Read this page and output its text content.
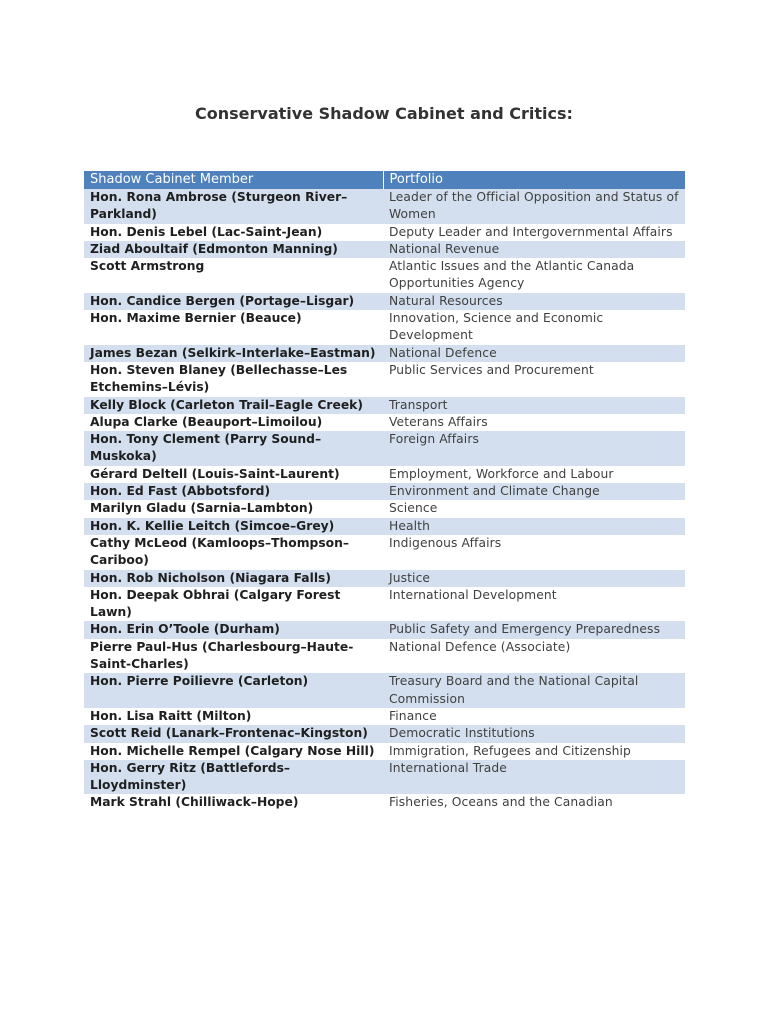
Conservative Shadow Cabinet and Critics:
Shadow Cabinet Member	Portfolio
Hon. Rona Ambrose (Sturgeon River–Parkland)	Leader of the Official Opposition and Status of Women
Hon. Denis Lebel (Lac-Saint-Jean)	Deputy Leader and Intergovernmental Affairs
Ziad Aboultaif (Edmonton Manning)	National Revenue
Scott Armstrong	Atlantic Issues and the Atlantic Canada Opportunities Agency
Hon. Candice Bergen (Portage–Lisgar)	Natural Resources
Hon. Maxime Bernier (Beauce)	Innovation, Science and Economic Development
James Bezan (Selkirk–Interlake–Eastman)	National Defence
Hon. Steven Blaney (Bellechasse–Les Etchemins–Lévis)	Public Services and Procurement
Kelly Block (Carleton Trail–Eagle Creek)	Transport
Alupa Clarke (Beauport–Limoilou)	Veterans Affairs
Hon. Tony Clement (Parry Sound–Muskoka)	Foreign Affairs
Gérard Deltell (Louis-Saint-Laurent)	Employment, Workforce and Labour
Hon. Ed Fast (Abbotsford)	Environment and Climate Change
Marilyn Gladu (Sarnia–Lambton)	Science
Hon. K. Kellie Leitch (Simcoe–Grey)	Health
Cathy McLeod (Kamloops–Thompson–Cariboo)	Indigenous Affairs
Hon. Rob Nicholson (Niagara Falls)	Justice
Hon. Deepak Obhrai (Calgary Forest Lawn)	International Development
Hon. Erin O’Toole (Durham)	Public Safety and Emergency Preparedness
Pierre Paul-Hus (Charlesbourg–Haute-Saint-Charles)	National Defence (Associate)
Hon. Pierre Poilievre (Carleton)	Treasury Board and the National Capital Commission
Hon. Lisa Raitt (Milton)	Finance
Scott Reid (Lanark–Frontenac–Kingston)	Democratic Institutions
Hon. Michelle Rempel (Calgary Nose Hill)	Immigration, Refugees and Citizenship
Hon. Gerry Ritz (Battlefords–Lloydminster)	International Trade
Mark Strahl (Chilliwack–Hope)	Fisheries, Oceans and the Canadian
